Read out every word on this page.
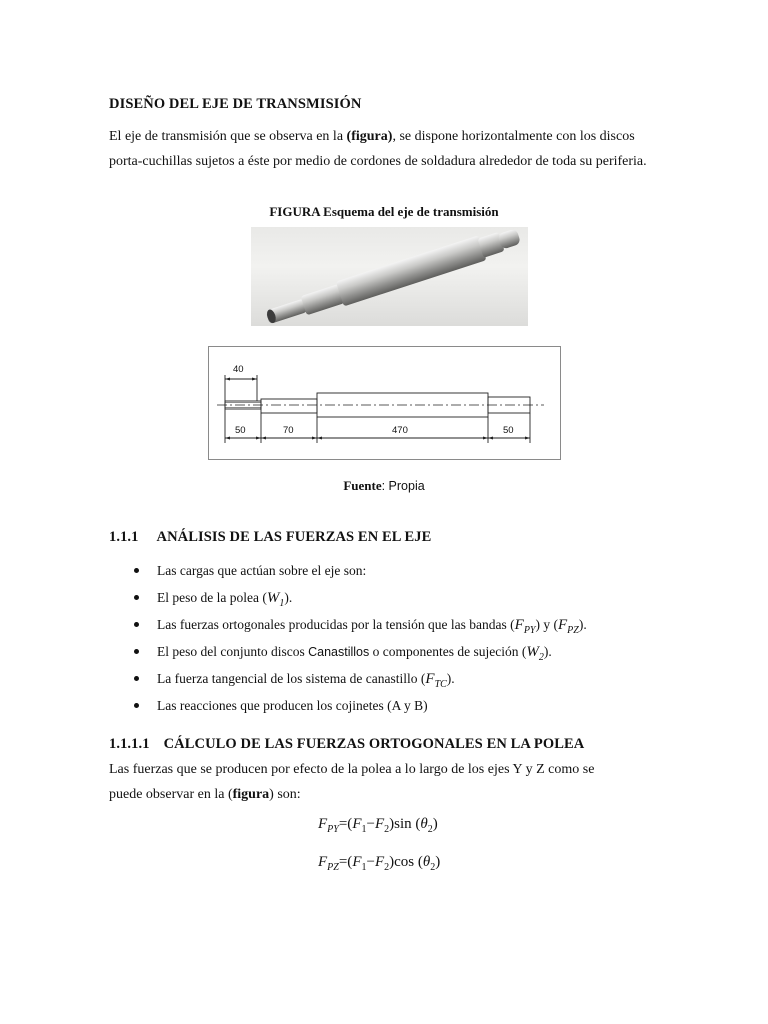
DISEÑO DEL EJE DE TRANSMISIÓN
El eje de transmisión que se observa en la (figura), se dispone horizontalmente con los discos porta-cuchillas sujetos a éste por medio de cordones de soldadura alrededor de toda su periferia.
FIGURA Esquema del eje de transmisión
40
50	70	470	50
Fuente: Propia
1.1.1 ANÁLISIS DE LAS FUERZAS EN EL EJE
Las cargas que actúan sobre el eje son:
El peso de la polea $(W_1)$.
Las fuerzas ortogonales producidas por la tensión que las bandas $(F_{PY})$ y $(F_{PZ})$.
El peso del conjunto discos Canastillos o componentes de sujeción $(W_2)$.
La fuerza tangencial de los sistema de canastillo $(F_{TC})$.
Las reacciones que producen los cojinetes (A y B)
1.1.1.1 CÁLCULO DE LAS FUERZAS ORTOGONALES EN LA POLEA
Las fuerzas que se producen por efecto de la polea a lo largo de los ejes Y y Z como se
puede observar en la (figura) son:
$F_{PY}=(F_1-F_2)\sin$ $(\theta_2)$
$F_{PZ}=(F_1-F_2)\cos$ $(\theta_2)$
